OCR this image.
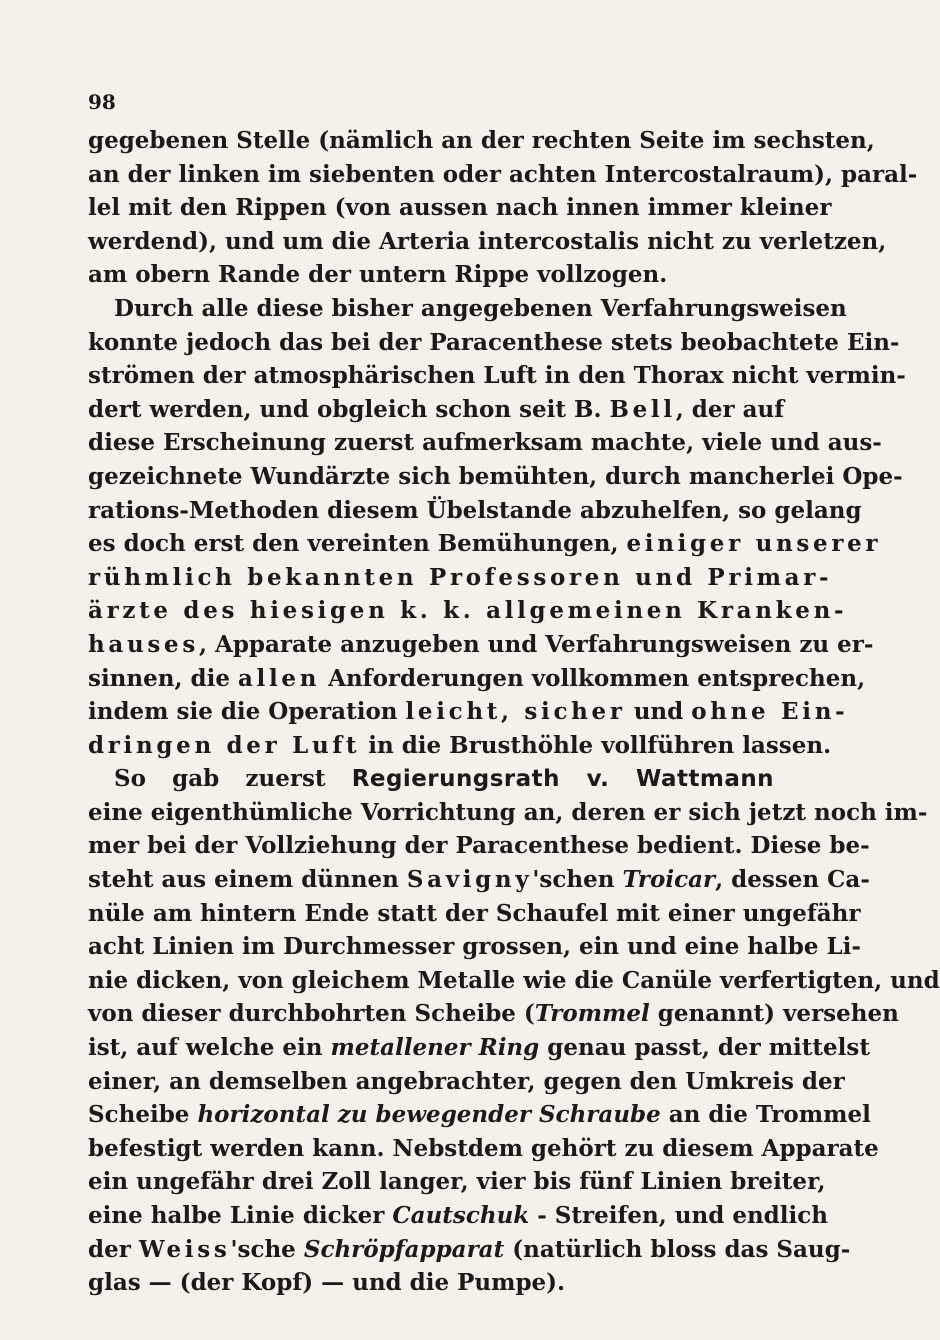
98
gegebenen Stelle (nämlich an der rechten Seite im sechsten,
an der linken im siebenten oder achten Intercostalraum), paral-
lel mit den Rippen (von aussen nach innen immer kleiner
werdend), und um die Arteria intercostalis nicht zu verletzen,
am obern Rande der untern Rippe vollzogen.
Durch alle diese bisher angegebenen Verfahrungsweisen
konnte jedoch das bei der Paracenthese stets beobachtete Ein-
strömen der atmosphärischen Luft in den Thorax nicht vermin-
dert werden, und obgleich schon seit B. Bell, der auf
diese Erscheinung zuerst aufmerksam machte, viele und aus-
gezeichnete Wundärzte sich bemühten, durch mancherlei Ope-
rations-Methoden diesem Übelstande abzuhelfen, so gelang
es doch erst den vereinten Bemühungen, einiger unserer
rühmlich bekannten Professoren und Primar-
ärzte des hiesigen k. k. allgemeinen Kranken-
hauses, Apparate anzugeben und Verfahrungsweisen zu er-
sinnen, die allen Anforderungen vollkommen entsprechen,
indem sie die Operation leicht, sicher und ohne Ein-
dringen der Luft in die Brusthöhle vollführen lassen.
So gab zuerst Regierungsrath v. Wattmann
eine eigenthümliche Vorrichtung an, deren er sich jetzt noch im-
mer bei der Vollziehung der Paracenthese bedient. Diese be-
steht aus einem dünnen Savigny'schen Troicar, dessen Ca-
nüle am hintern Ende statt der Schaufel mit einer ungefähr
acht Linien im Durchmesser grossen, ein und eine halbe Li-
nie dicken, von gleichem Metalle wie die Canüle verfertigten, und
von dieser durchbohrten Scheibe (Trommel genannt) versehen
ist, auf welche ein metallener Ring genau passt, der mittelst
einer, an demselben angebrachter, gegen den Umkreis der
Scheibe horizontal zu bewegender Schraube an die Trommel
befestigt werden kann. Nebstdem gehört zu diesem Apparate
ein ungefähr drei Zoll langer, vier bis fünf Linien breiter,
eine halbe Linie dicker Cautschuk - Streifen, und endlich
der Weiss'sche Schröpfapparat (natürlich bloss das Saug-
glas — (der Kopf) — und die Pumpe).
